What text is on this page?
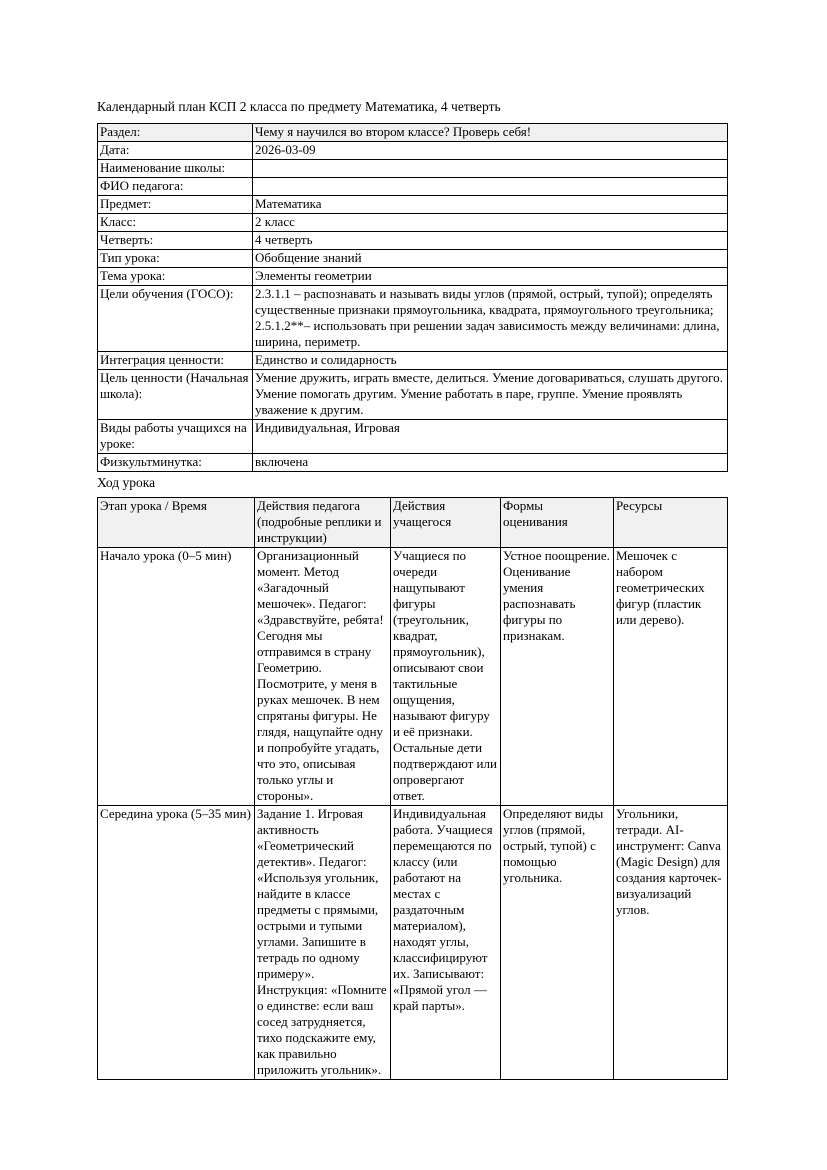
Календарный план КСП 2 класса по предмету Математика, 4 четверть

Раздел:	Чему я научился во втором классе? Проверь себя!
Дата:	2026-03-09
Наименование школы:	
ФИО педагога:	
Предмет:	Математика
Класс:	2 класс
Четверть:	4 четверть
Тип урока:	Обобщение знаний
Тема урока:	Элементы геометрии
Цели обучения (ГОСО):	2.3.1.1 – распознавать и называть виды углов (прямой, острый, тупой); определять существенные признаки прямоугольника, квадрата, прямоугольного треугольника; 2.5.1.2**– использовать при решении задач зависимость между величинами: длина, ширина, периметр.
Интеграция ценности:	Единство и солидарность
Цель ценности (Начальная школа):	Умение дружить, играть вместе, делиться. Умение договариваться, слушать другого. Умение помогать другим. Умение работать в паре, группе. Умение проявлять уважение к другим.
Виды работы учащихся на уроке:	Индивидуальная, Игровая
Физкультминутка:	включена

Ход урока

Этап урока / Время	Действия педагога (подробные реплики и инструкции)	Действия учащегося	Формы оценивания	Ресурсы
Начало урока (0–5 мин)	Организационный момент. Метод «Загадочный мешочек». Педагог: «Здравствуйте, ребята! Сегодня мы отправимся в страну Геометрию. Посмотрите, у меня в руках мешочек. В нем спрятаны фигуры. Не глядя, нащупайте одну и попробуйте угадать, что это, описывая только углы и стороны».	Учащиеся по очереди нащупывают фигуры (треугольник, квадрат, прямоугольник), описывают свои тактильные ощущения, называют фигуру и её признаки. Остальные дети подтверждают или опровергают ответ.	Устное поощрение. Оценивание умения распознавать фигуры по признакам.	Мешочек с набором геометрических фигур (пластик или дерево).
Середина урока (5–35 мин)	Задание 1. Игровая активность «Геометрический детектив». Педагог: «Используя угольник, найдите в классе предметы с прямыми, острыми и тупыми углами. Запишите в тетрадь по одному примеру». Инструкция: «Помните о единстве: если ваш сосед затрудняется, тихо подскажите ему, как правильно приложить угольник».	Индивидуальная работа. Учащиеся перемещаются по классу (или работают на местах с раздаточным материалом), находят углы, классифицируют их. Записывают: «Прямой угол — край парты».	Определяют виды углов (прямой, острый, тупой) с помощью угольника.	Угольники, тетради. AI-инструмент: Canva (Magic Design) для создания карточек-визуализаций углов.
